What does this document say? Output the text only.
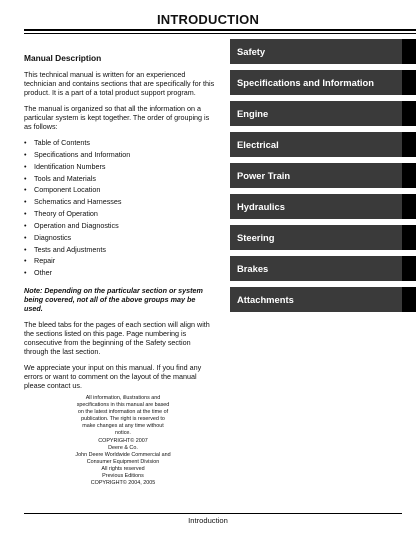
INTRODUCTION
Manual Description

This technical manual is written for an experienced technician and contains sections that are specifically for this product. It is a part of a total product support program.

The manual is organized so that all the information on a particular system is kept together. The order of grouping is as follows:

• Table of Contents
• Specifications and Information
• Identification Numbers
• Tools and Materials
• Component Location
• Schematics and Harnesses
• Theory of Operation
• Operation and Diagnostics
• Diagnostics
• Tests and Adjustments
• Repair
• Other

Note: Depending on the particular section or system being covered, not all of the above groups may be used.

The bleed tabs for the pages of each section will align with the sections listed on this page. Page numbering is consecutive from the beginning of the Safety section through the last section.

We appreciate your input on this manual. If you find any errors or want to comment on the layout of the manual please contact us.

Safety
Specifications and Information
Engine
Electrical
Power Train
Hydraulics
Steering
Brakes
Attachments
All information, illustrations and
specifications in this manual are based
on the latest information at the time of
publication. The right is reserved to
make changes at any time without
notice.
COPYRIGHT© 2007
Deere & Co.
John Deere Worldwide Commercial and
Consumer Equipment Division
All rights reserved
Previous Editions
COPYRIGHT© 2004, 2005
Introduction
